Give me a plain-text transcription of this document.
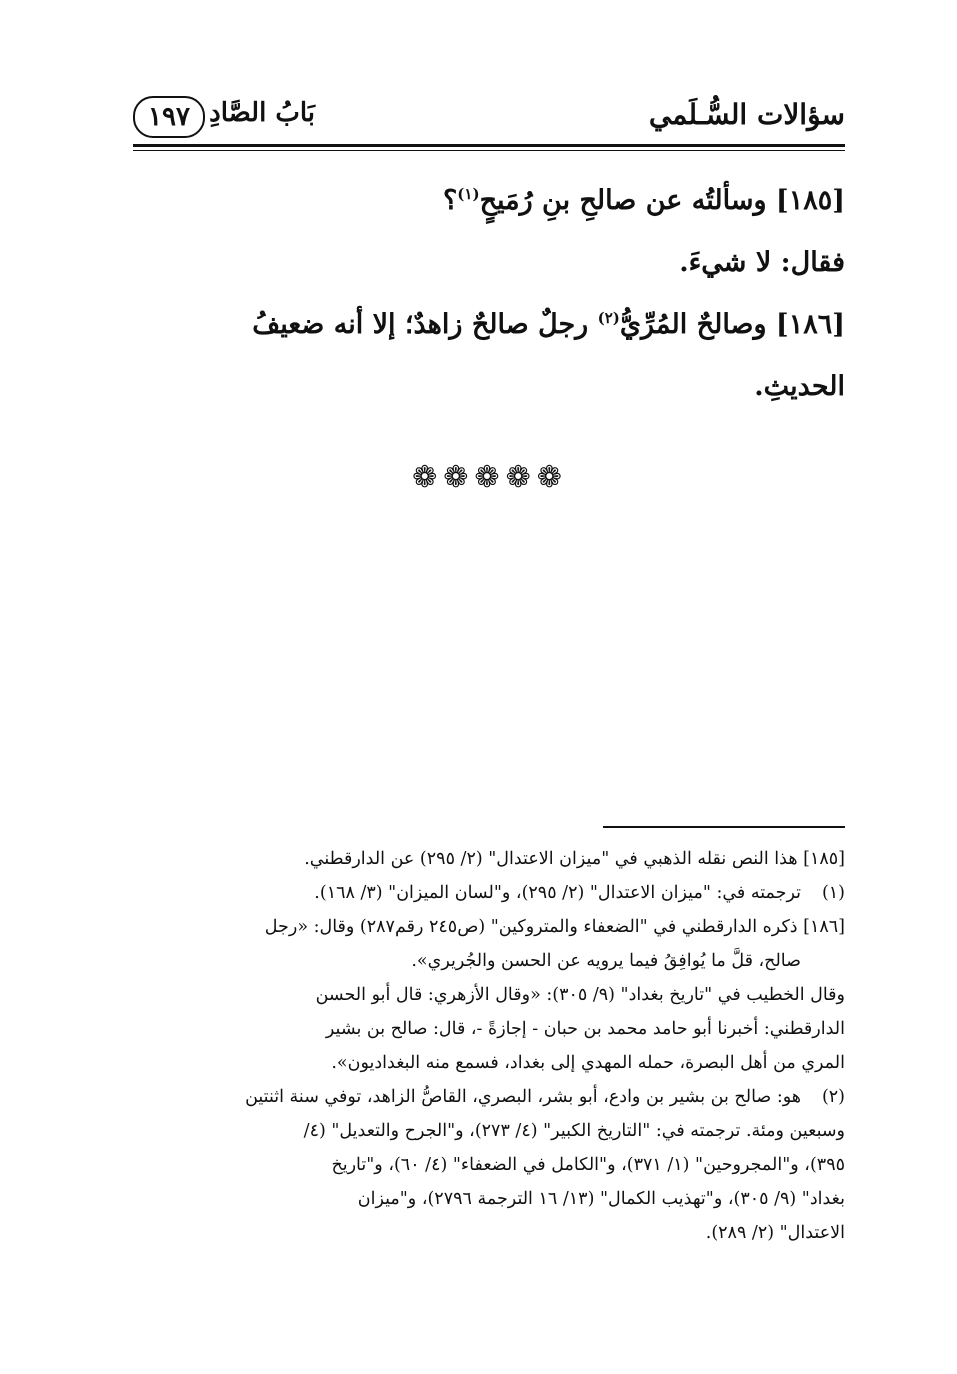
سؤالات السُّـلَمي
بَابُ الصَّادِ
١٩٧
[١٨٥] وسألتُه عن صالحِ بنِ رُمَيحٍ$^{(١)}$؟
فقال: لا شيءَ.
[١٨٦] وصالحٌ المُرِّيُّ$^{(٢)}$ رجلٌ صالحٌ زاهدٌ؛ إلا أنه ضعيفُ
الحديثِ.
❁❁❁❁❁
[١٨٥] هذا النص نقله الذهبي في "ميزان الاعتدال" (٢/ ٢٩٥) عن الدارقطني.
(١)ترجمته في: "ميزان الاعتدال" (٢/ ٢٩٥)، و"لسان الميزان" (٣/ ١٦٨).
[١٨٦] ذكره الدارقطني في "الضعفاء والمتروكين" (ص٢٤٥ رقم٢٨٧) وقال: «رجل
صالح، قلَّ ما يُوافِقُ فيما يرويه عن الحسن والجُريري».
وقال الخطيب في "تاريخ بغداد" (٩/ ٣٠٥): «وقال الأزهري: قال أبو الحسن
الدارقطني: أخبرنا أبو حامد محمد بن حبان - إجازةً -، قال: صالح بن بشير
المري من أهل البصرة، حمله المهدي إلى بغداد، فسمع منه البغداديون».
(٢)هو: صالح بن بشير بن وادع، أبو بشر، البصري، القاصُّ الزاهد، توفي سنة اثنتين
وسبعين ومئة. ترجمته في: "التاريخ الكبير" (٤/ ٢٧٣)، و"الجرح والتعديل" (٤/
٣٩٥)، و"المجروحين" (١/ ٣٧١)، و"الكامل في الضعفاء" (٤/ ٦٠)، و"تاريخ
بغداد" (٩/ ٣٠٥)، و"تهذيب الكمال" (١٣/ ١٦ الترجمة ٢٧٩٦)، و"ميزان
الاعتدال" (٢/ ٢٨٩).
